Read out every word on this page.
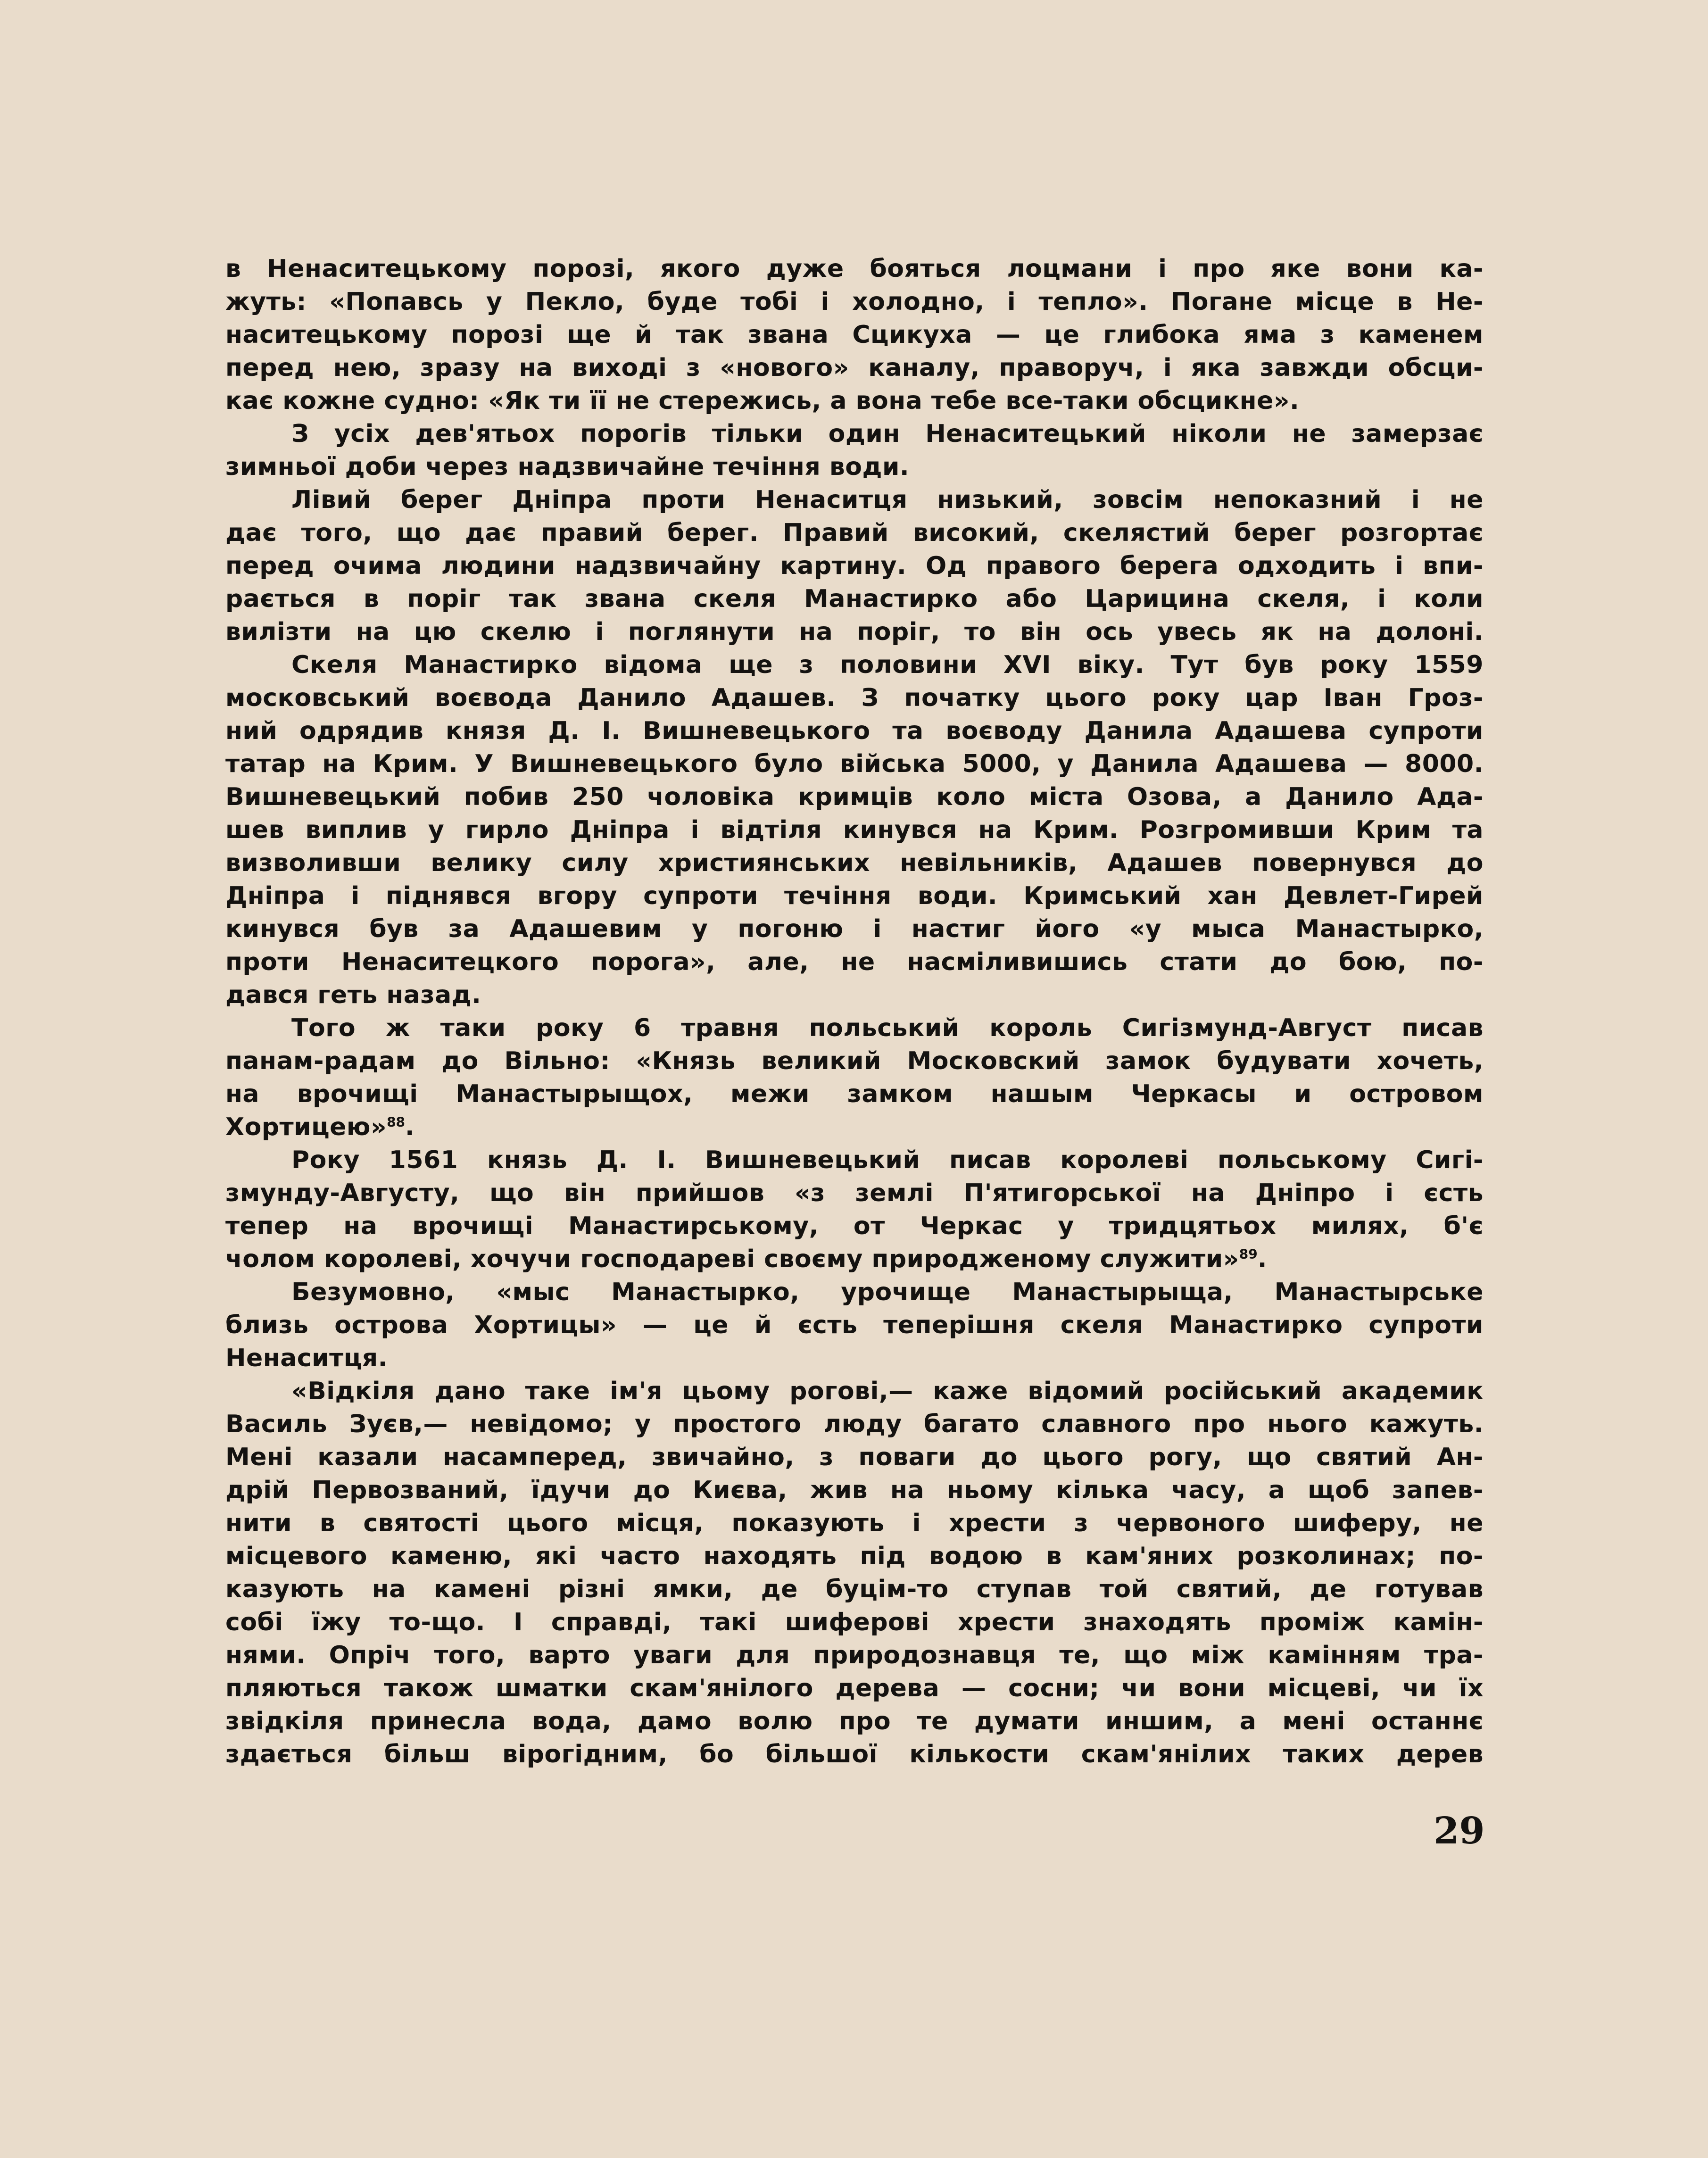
в Ненаситецькому порозі, якого дуже бояться лоцмани і про яке вони ка-
жуть: «Попавсь у Пекло, буде тобі і холодно, і тепло». Погане місце в Не-
наситецькому порозі ще й так звана Сцикуха — це глибока яма з каменем
перед нею, зразу на виході з «нового» каналу, праворуч, і яка завжди обсци-
кає кожне судно: «Як ти її не стережись, а вона тебе все-таки обсцикне».
З усіх дев'ятьох порогів тільки один Ненаситецький ніколи не замерзає
зимньої доби через надзвичайне течіння води.
Лівий берег Дніпра проти Ненаситця низький, зовсім непоказний і не
дає того, що дає правий берег. Правий високий, скелястий берег розгортає
перед очима людини надзвичайну картину. Од правого берега одходить і впи-
рається в поріг так звана скеля Манастирко або Царицина скеля, і коли
вилізти на цю скелю і поглянути на поріг, то він ось увесь як на долоні.
Скеля Манастирко відома ще з половини XVI віку. Тут був року 1559
московський воєвода Данило Адашев. З початку цього року цар Іван Гроз-
ний одрядив князя Д. І. Вишневецького та воєводу Данила Адашева супроти
татар на Крим. У Вишневецького було війська 5000, у Данила Адашева — 8000.
Вишневецький побив 250 чоловіка кримців коло міста Озова, а Данило Ада-
шев виплив у гирло Дніпра і відтіля кинувся на Крим. Розгромивши Крим та
визволивши велику силу християнських невільників, Адашев повернувся до
Дніпра і піднявся вгору супроти течіння води. Кримський хан Девлет-Гирей
кинувся був за Адашевим у погоню і настиг його «у мыса Манастырко,
проти Ненаситецкого порога», але, не насміливишись стати до бою, по-
дався геть назад.
Того ж таки року 6 травня польський король Сигізмунд-Август писав
панам-радам до Вільно: «Князь великий Московский замок будувати хочеть,
на врочищі Манастырыщох, межи замком нашым Черкасы и островом
Хортицею»$^{88}$.
Року 1561 князь Д. І. Вишневецький писав королеві польському Сигі-
змунду-Августу, що він прийшов «з землі П'ятигорської на Дніпро і єсть
тепер на врочищі Манастирському, от Черкас у тридцятьох милях, б'є
чолом королеві, хочучи господареві своєму природженому служити»$^{89}$.
Безумовно, «мыс Манастырко, урочище Манастырыща, Манастырське
близь острова Хортицы» — це й єсть теперішня скеля Манастирко супроти
Ненаситця.
«Відкіля дано таке ім'я цьому рогові,— каже відомий російський академик
Василь Зуєв,— невідомо; у простого люду багато славного про нього кажуть.
Мені казали насамперед, звичайно, з поваги до цього рогу, що святий Ан-
дрій Первозваний, їдучи до Києва, жив на ньому кілька часу, а щоб запев-
нити в святості цього місця, показують і хрести з червоного шиферу, не
місцевого каменю, які часто находять під водою в кам'яних розколинах; по-
казують на камені різні ямки, де буцім-то ступав той святий, де готував
собі їжу то-що. І справді, такі шиферові хрести знаходять проміж камін-
нями. Опріч того, варто уваги для природознавця те, що між камінням тра-
пляються також шматки скам'янілого дерева — сосни; чи вони місцеві, чи їх
звідкіля принесла вода, дамо волю про те думати иншим, а мені останнє
здається більш вірогідним, бо більшої кількости скам'янілих таких дерев
29
